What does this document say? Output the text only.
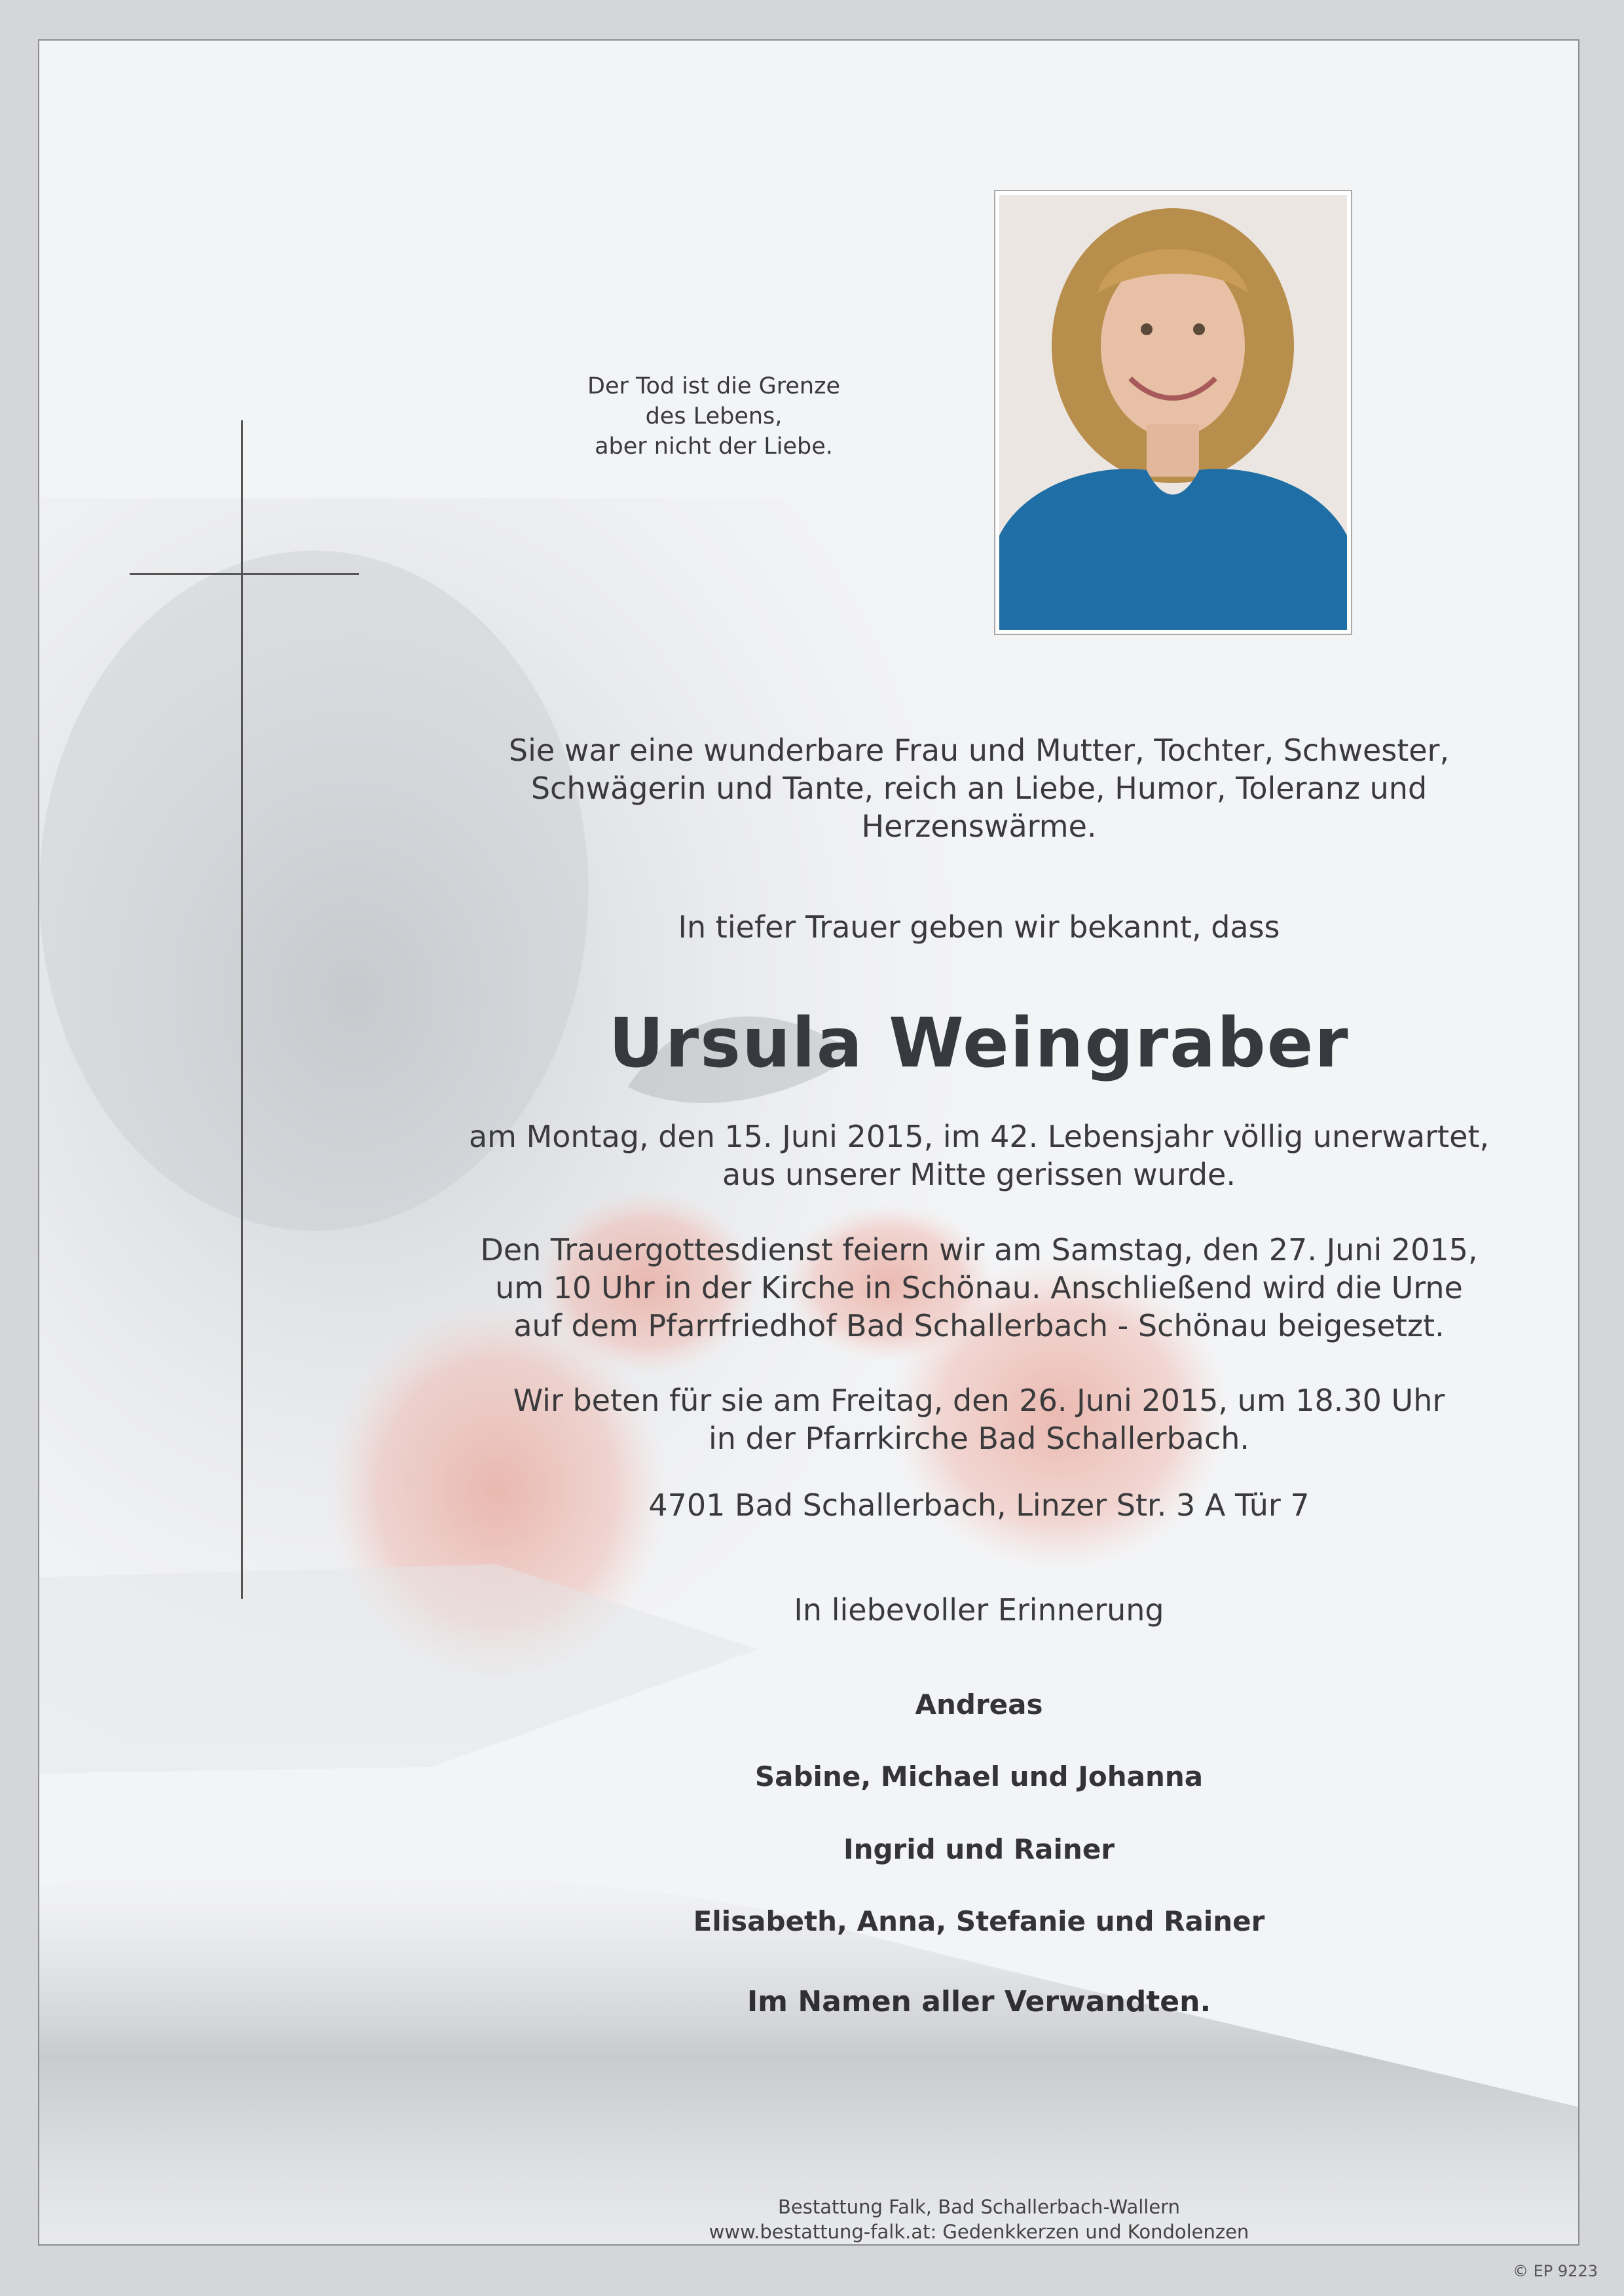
Der Tod ist die Grenze
des Lebens,
aber nicht der Liebe.
Sie war eine wunderbare Frau und Mutter, Tochter, Schwester,
Schwägerin und Tante, reich an Liebe, Humor, Toleranz und
Herzenswärme.
In tiefer Trauer geben wir bekannt, dass
Ursula Weingraber
am Montag, den 15. Juni 2015, im 42. Lebensjahr völlig unerwartet,
aus unserer Mitte gerissen wurde.
Den Trauergottesdienst feiern wir am Samstag, den 27. Juni 2015,
um 10 Uhr in der Kirche in Schönau. Anschließend wird die Urne
auf dem Pfarrfriedhof Bad Schallerbach - Schönau beigesetzt.
Wir beten für sie am Freitag, den 26. Juni 2015, um 18.30 Uhr
in der Pfarrkirche Bad Schallerbach.
4701 Bad Schallerbach, Linzer Str. 3 A Tür 7
In liebevoller Erinnerung
Andreas
Sabine, Michael und Johanna
Ingrid und Rainer
Elisabeth, Anna, Stefanie und Rainer
Im Namen aller Verwandten.
Bestattung Falk, Bad Schallerbach-Wallern
www.bestattung-falk.at: Gedenkkerzen und Kondolenzen
© EP 9223
